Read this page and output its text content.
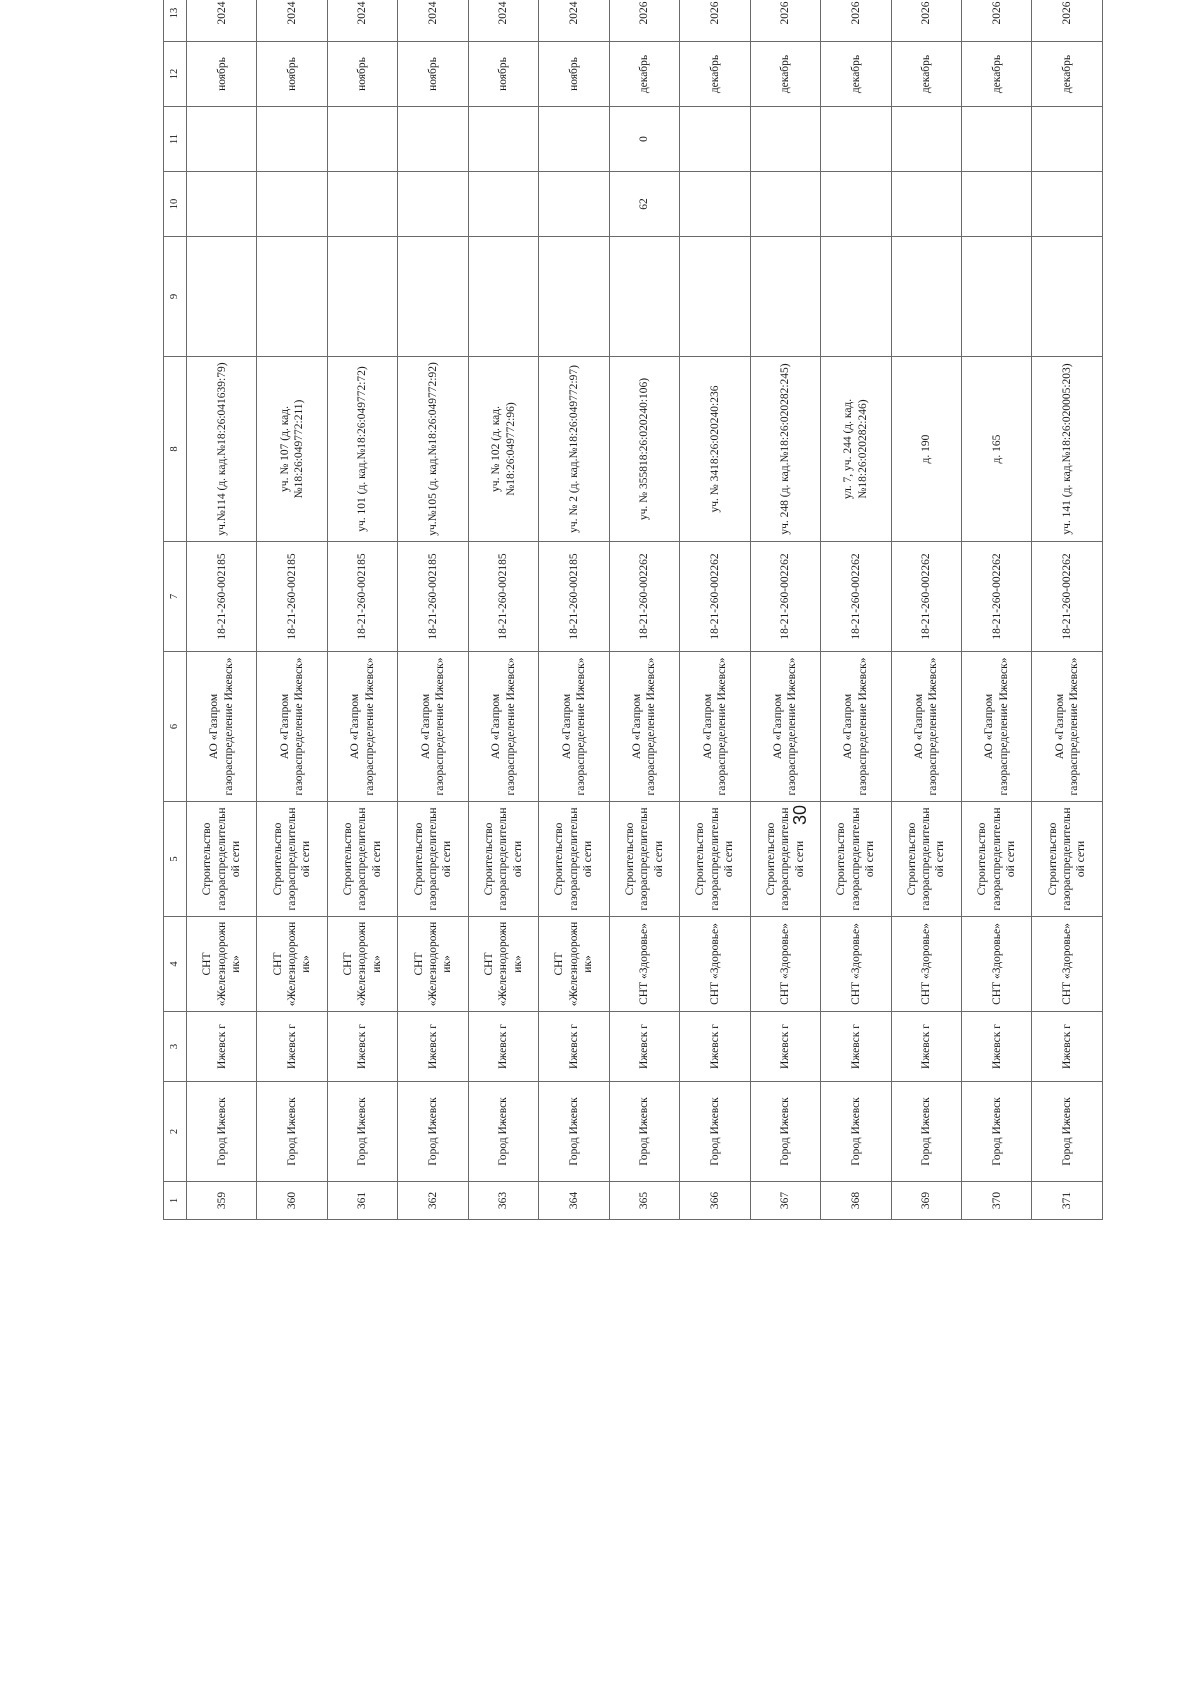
30
1	2	3	4	5	6	7	8	9	10	11	12	13
359	Город Ижевск	Ижевск г	СНТ «Железнодорожник»	Строительство газораспределительной сети	АО «Газпром газораспределение Ижевск»	18-21-260-002185	уч.№114 (д. кад.№18:26:041639:79)				ноябрь	2024
360	Город Ижевск	Ижевск г	СНТ «Железнодорожник»	Строительство газораспределительной сети	АО «Газпром газораспределение Ижевск»	18-21-260-002185	уч. № 107 (д. кад.№18:26:049772:211)				ноябрь	2024
361	Город Ижевск	Ижевск г	СНТ «Железнодорожник»	Строительство газораспределительной сети	АО «Газпром газораспределение Ижевск»	18-21-260-002185	уч. 101 (д. кад.№18:26:049772:72)				ноябрь	2024
362	Город Ижевск	Ижевск г	СНТ «Железнодорожник»	Строительство газораспределительной сети	АО «Газпром газораспределение Ижевск»	18-21-260-002185	уч.№105 (д. кад.№18:26:049772:92)				ноябрь	2024
363	Город Ижевск	Ижевск г	СНТ «Железнодорожник»	Строительство газораспределительной сети	АО «Газпром газораспределение Ижевск»	18-21-260-002185	уч. № 102 (д. кад.№18:26:049772:96)				ноябрь	2024
364	Город Ижевск	Ижевск г	СНТ «Железнодорожник»	Строительство газораспределительной сети	АО «Газпром газораспределение Ижевск»	18-21-260-002185	уч. № 2 (д. кад.№18:26:049772:97)				ноябрь	2024
365	Город Ижевск	Ижевск г	СНТ «Здоровье»	Строительство газораспределительной сети	АО «Газпром газораспределение Ижевск»	18-21-260-002262	уч. № 355818:26:020240:106)		62	0	декабрь	2026
366	Город Ижевск	Ижевск г	СНТ «Здоровье»	Строительство газораспределительной сети	АО «Газпром газораспределение Ижевск»	18-21-260-002262	уч. № 3418:26:020240:236				декабрь	2026
367	Город Ижевск	Ижевск г	СНТ «Здоровье»	Строительство газораспределительной сети	АО «Газпром газораспределение Ижевск»	18-21-260-002262	уч. 248 (д. кад.№18:26:020282:245)				декабрь	2026
368	Город Ижевск	Ижевск г	СНТ «Здоровье»	Строительство газораспределительной сети	АО «Газпром газораспределение Ижевск»	18-21-260-002262	ул. 7, уч. 244 (д. кад.№18:26:020282:246)				декабрь	2026
369	Город Ижевск	Ижевск г	СНТ «Здоровье»	Строительство газораспределительной сети	АО «Газпром газораспределение Ижевск»	18-21-260-002262	д. 190				декабрь	2026
370	Город Ижевск	Ижевск г	СНТ «Здоровье»	Строительство газораспределительной сети	АО «Газпром газораспределение Ижевск»	18-21-260-002262	д. 165				декабрь	2026
371	Город Ижевск	Ижевск г	СНТ «Здоровье»	Строительство газораспределительной сети	АО «Газпром газораспределение Ижевск»	18-21-260-002262	уч. 141 (д. кад.№18:26:020005:203)				декабрь	2026
